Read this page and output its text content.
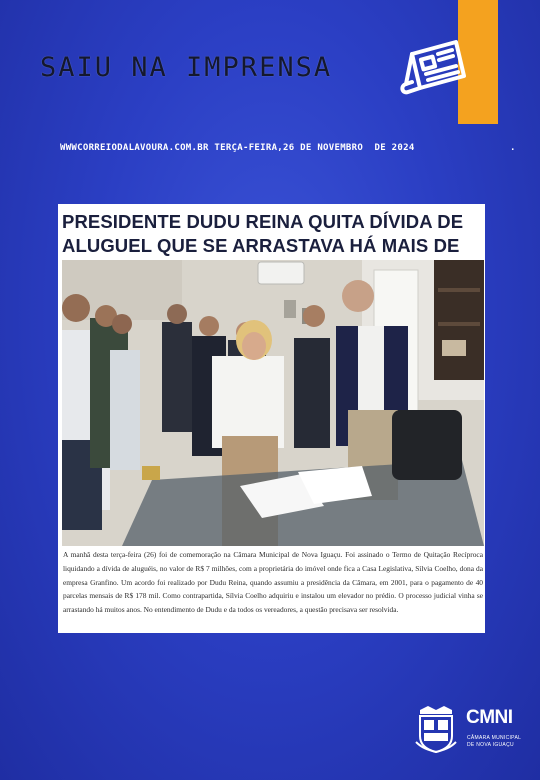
SAIU NA IMPRENSA
WWWCORREIODALAVOURA.COM.BR TERÇA-FEIRA,26 DE NOVEMBRO  DE 2024	.
PRESIDENTE DUDU REINA QUITA DÍVIDA DE ALUGUEL QUE SE ARRASTAVA HÁ MAIS DE

A manhã desta terça-feira (26) foi de comemoração na Câmara Municipal de Nova Iguaçu. Foi assinado o Termo de Quitação Recíproca liquidando a dívida de aluguéis, no valor de R$ 7 milhões, com a proprietária do imóvel onde fica a Casa Legislativa, Sílvia Coelho, dona da empresa Granfino. Um acordo foi realizado por Dudu Reina, quando assumiu a presidência da Câmara, em 2001, para o pagamento de 40 parcelas mensais de R$ 178 mil. Como contrapartida, Sílvia Coelho adquiriu e instalou um elevador no prédio. O processo judicial vinha se arrastando há muitos anos. No entendimento de Dudu e da todos os vereadores, a questão precisava ser resolvida.

CMNI
CÂMARA MUNICIPAL
DE NOVA IGUAÇU
